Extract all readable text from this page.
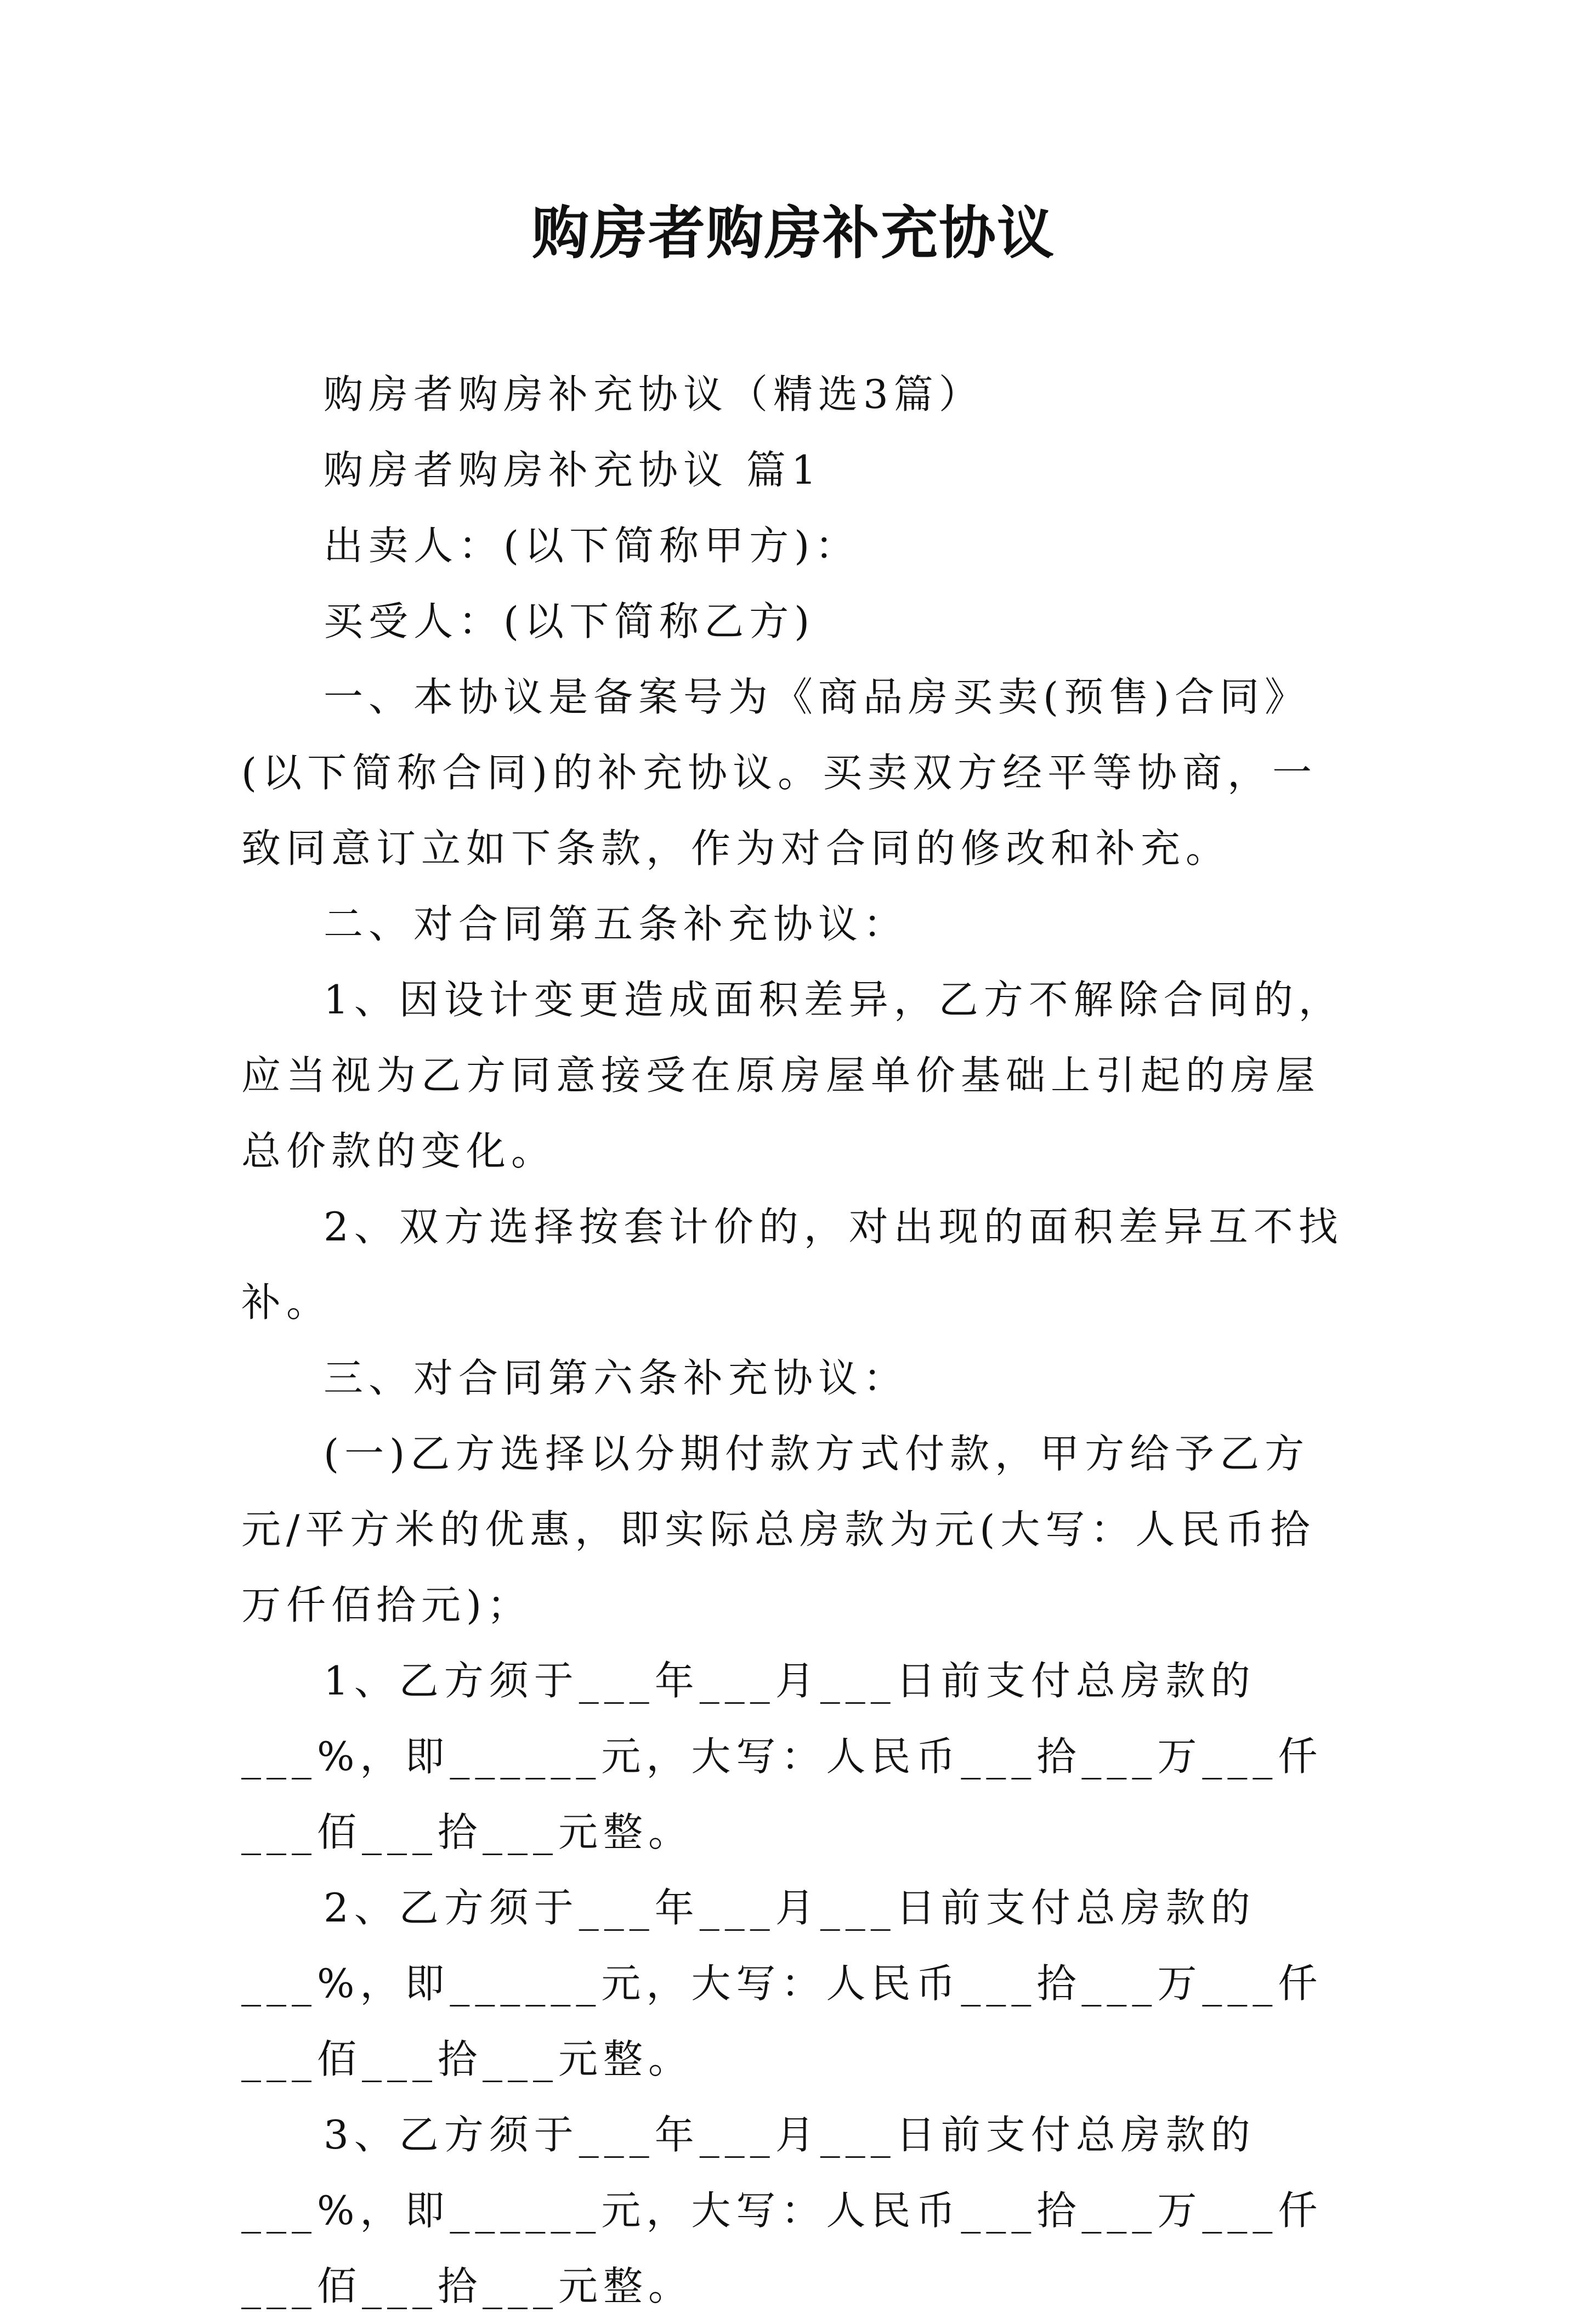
购房者购房补充协议

购房者购房补充协议（精选3篇）

购房者购房补充协议 篇1

出卖人：(以下简称甲方)：

买受人：(以下简称乙方)

一、本协议是备案号为《商品房买卖(预售)合同》(以下简称合同)的补充协议。买卖双方经平等协商，一致同意订立如下条款，作为对合同的修改和补充。

二、对合同第五条补充协议：

1、因设计变更造成面积差异，乙方不解除合同的，应当视为乙方同意接受在原房屋单价基础上引起的房屋总价款的变化。

2、双方选择按套计价的，对出现的面积差异互不找补。

三、对合同第六条补充协议：

(一)乙方选择以分期付款方式付款，甲方给予乙方元/平方米的优惠，即实际总房款为元(大写：人民币拾万仟佰拾元)；

1、乙方须于___年___月___日前支付总房款的___%，即______元，大写：人民币___拾___万___仟___佰___拾___元整。

2、乙方须于___年___月___日前支付总房款的___%，即______元，大写：人民币___拾___万___仟___佰___拾___元整。

3、乙方须于___年___月___日前支付总房款的___%，即______元，大写：人民币___拾___万___仟___佰___拾___元整。
